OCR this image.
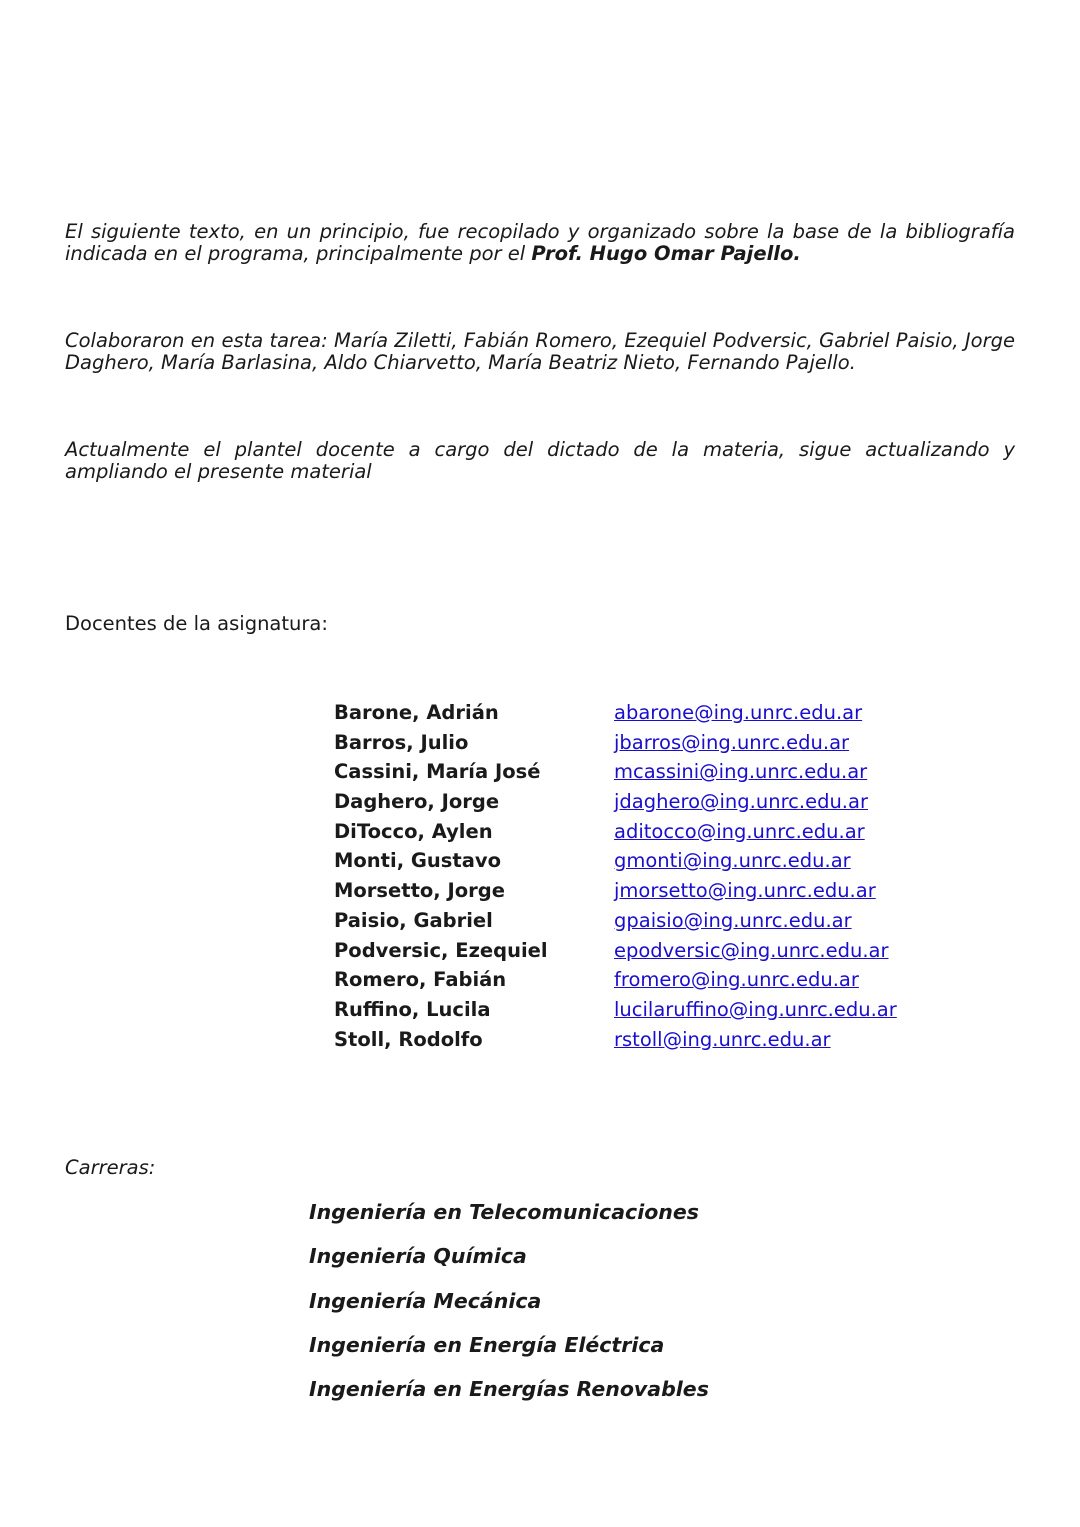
El siguiente texto, en un principio, fue recopilado y organizado sobre la base de la bibliografía indicada en el programa, principalmente por el Prof. Hugo Omar Pajello.

Colaboraron en esta tarea: María Ziletti, Fabián Romero, Ezequiel Podversic, Gabriel Paisio, Jorge Daghero, María Barlasina, Aldo Chiarvetto, María Beatriz Nieto, Fernando Pajello.

Actualmente el plantel docente a cargo del dictado de la materia, sigue actualizando y ampliando el presente material

Docentes de la asignatura:

Barone, Adrián	abarone@ing.unrc.edu.ar
Barros, Julio	jbarros@ing.unrc.edu.ar
Cassini, María José	mcassini@ing.unrc.edu.ar
Daghero, Jorge	jdaghero@ing.unrc.edu.ar
DiTocco, Aylen	aditocco@ing.unrc.edu.ar
Monti, Gustavo	gmonti@ing.unrc.edu.ar
Morsetto, Jorge	jmorsetto@ing.unrc.edu.ar
Paisio, Gabriel	gpaisio@ing.unrc.edu.ar
Podversic, Ezequiel	epodversic@ing.unrc.edu.ar
Romero, Fabián	fromero@ing.unrc.edu.ar
Ruffino, Lucila	lucilaruffino@ing.unrc.edu.ar
Stoll, Rodolfo	rstoll@ing.unrc.edu.ar

Carreras:

Ingeniería en Telecomunicaciones
Ingeniería Química
Ingeniería Mecánica
Ingeniería en Energía Eléctrica
Ingeniería en Energías Renovables
